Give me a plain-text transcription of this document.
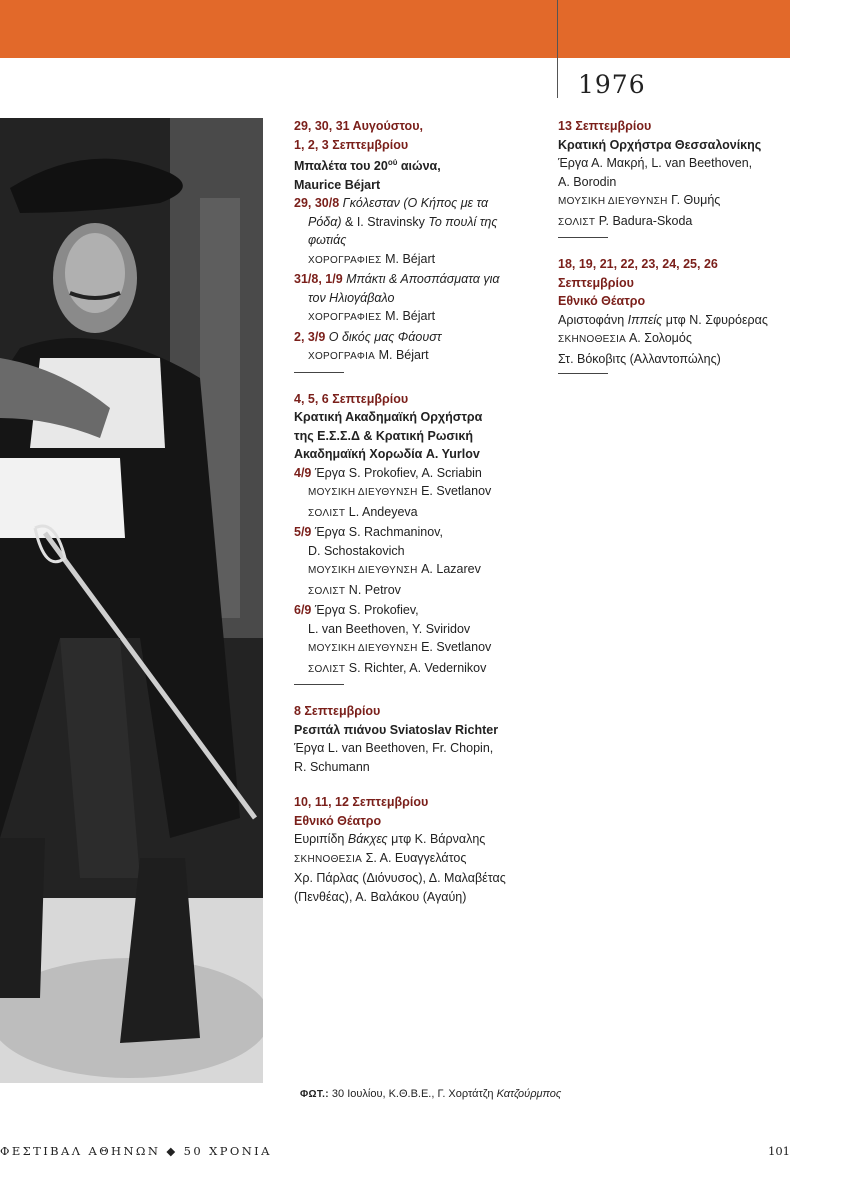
1976
29, 30, 31 Αυγούστου,
1, 2, 3 Σεπτεμβρίου
Μπαλέτα του $20^{oύ}$ αιώνα,
Maurice Béjart
29, 30/8 Γκόλεσταν (Ο Κήπος με τα
Ρόδα) & I. Stravinsky Το πουλί της
φωτιάς
ΧΟΡΟΓΡΑΦΙΕΣ M. Béjart
31/8, 1/9 Μπάκτι & Αποσπάσματα για
τον Ηλιογάβαλο
ΧΟΡΟΓΡΑΦΙΕΣ M. Béjart
2, 3/9 Ο δικός μας Φάουστ
ΧΟΡΟΓΡΑΦΙΑ M. Béjart
4, 5, 6 Σεπτεμβρίου
Κρατική Ακαδημαϊκή Ορχήστρα
της Ε.Σ.Σ.Δ & Κρατική Ρωσική
Ακαδημαϊκή Χορωδία A. Yurlov
4/9 Έργα S. Prokofiev, A. Scriabin
ΜΟΥΣΙΚΗ ΔΙΕΥΘΥΝΣΗ E. Svetlanov
ΣΟΛΙΣΤ L. Andeyeva
5/9 Έργα S. Rachmaninov,
D. Schostakovich
ΜΟΥΣΙΚΗ ΔΙΕΥΘΥΝΣΗ A. Lazarev
ΣΟΛΙΣΤ N. Petrov
6/9 Έργα S. Prokofiev,
L. van Beethoven, Y. Sviridov
ΜΟΥΣΙΚΗ ΔΙΕΥΘΥΝΣΗ E. Svetlanov
ΣΟΛΙΣΤ S. Richter, A. Vedernikov
8 Σεπτεμβρίου
Ρεσιτάλ πιάνου Sviatoslav Richter
Έργα L. van Beethoven, Fr. Chopin,
R. Schumann
10, 11, 12 Σεπτεμβρίου
Εθνικό Θέατρο
Ευριπίδη Βάκχες μτφ Κ. Βάρναλης
ΣΚΗΝΟΘΕΣΙΑ Σ. Α. Ευαγγελάτος
Χρ. Πάρλας (Διόνυσος), Δ. Μαλαβέτας
(Πενθέας), Α. Βαλάκου (Αγαύη)
13 Σεπτεμβρίου
Κρατική Ορχήστρα Θεσσαλονίκης
Έργα Α. Μακρή, L. van Beethoven,
A. Borodin
ΜΟΥΣΙΚΗ ΔΙΕΥΘΥΝΣΗ Γ. Θυμής
ΣΟΛΙΣΤ P. Badura-Skoda
18, 19, 21, 22, 23, 24, 25, 26
Σεπτεμβρίου
Εθνικό Θέατρο
Αριστοφάνη Ιππείς μτφ Ν. Σφυρόερας
ΣΚΗΝΟΘΕΣΙΑ Α. Σολομός
Στ. Βόκοβιτς (Αλλαντοπώλης)
ΦΩΤ.: 30 Ιουλίου, Κ.Θ.Β.Ε., Γ. Χορτάτζη Κατζούρμπος
ΦΕΣΤΙΒΑΛ ΑΘΗΝΩΝ ◆ 50 ΧΡΟΝΙΑ	101
